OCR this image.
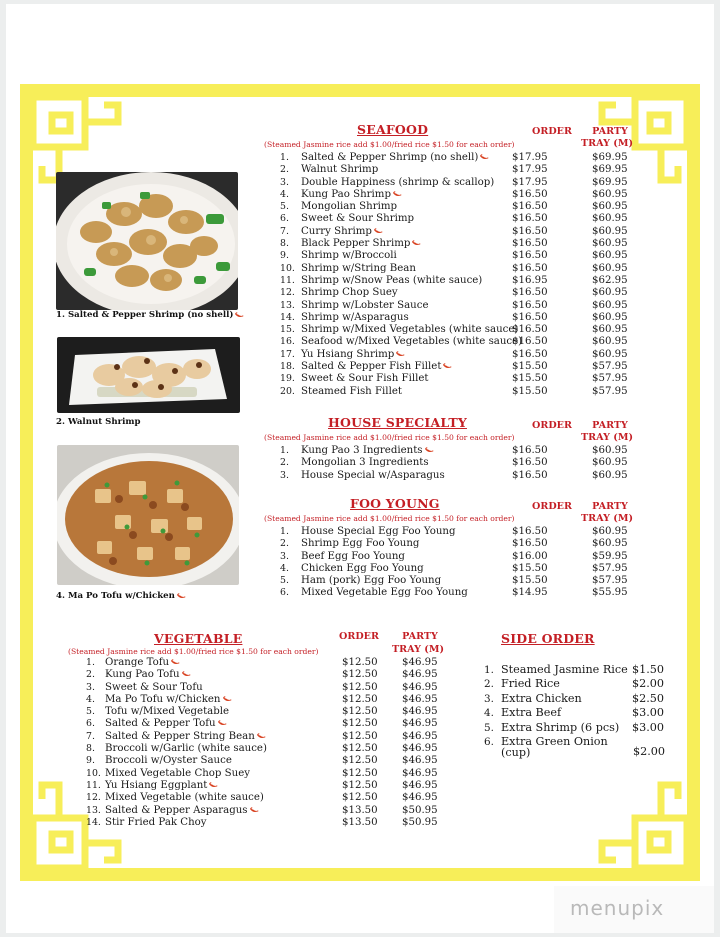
SEAFOOD
(Steamed Jasmine rice add $1.00/fried rice $1.50 for each order)
ORDER	PARTY
TRAY (M)
1. Salted & Pepper Shrimp (no shell)	$17.95	$69.95
2. Walnut Shrimp	$17.95	$69.95
3. Double Happiness (shrimp & scallop) $17.95	$69.95
4. Kung Pao Shrimp	$16.50	$60.95
5. Mongolian Shrimp	$16.50	$60.95
6. Sweet & Sour Shrimp	$16.50	$60.95
7. Curry Shrimp	$16.50	$60.95
8. Black Pepper Shrimp	$16.50	$60.95
9. Shrimp w/Broccoli	$16.50	$60.95
10. Shrimp w/String Bean	$16.50	$60.95
11. Shrimp w/Snow Peas (white sauce)	$16.95	$62.95
12. Shrimp Chop Suey	$16.50	$60.95
13. Shrimp w/Lobster Sauce	$16.50	$60.95
14. Shrimp w/Asparagus	$16.50	$60.95
15. Shrimp w/Mixed Vegetables (white sauce)
$16.50	$60.95
16. Seafood w/Mixed Vegetables (white sauce)
$16.50	$60.95
17. Yu Hsiang Shrimp	$16.50	$60.95
18. Salted & Pepper Fish Fillet	$15.50	$57.95
19. Sweet & Sour Fish Fillet	$15.50	$57.95
20. Steamed Fish Fillet	$15.50	$57.95
HOUSE SPECIALTY
(Steamed Jasmine rice add $1.00/fried rice $1.50 for each order)
ORDER	PARTY
TRAY (M)
1. Kung Pao 3 Ingredients	$16.50	$60.95
2. Mongolian 3 Ingredients	$16.50	$60.95
3. House Special w/Asparagus	$16.50	$60.95
FOO YOUNG
(Steamed Jasmine rice add $1.00/fried rice $1.50 for each order)
ORDER	PARTY
TRAY (M)
1. House Special Egg Foo Young	$16.50	$60.95
2. Shrimp Egg Foo Young	$16.50	$60.95
3. Beef Egg Foo Young	$16.00	$59.95
4. Chicken Egg Foo Young	$15.50	$57.95
5. Ham (pork) Egg Foo Young	$15.50	$57.95
6. Mixed Vegetable Egg Foo Young	$14.95	$55.95
1. Salted & Pepper Shrimp (no shell)
2. Walnut Shrimp
4. Ma Po Tofu w/Chicken
VEGETABLE
(Steamed Jasmine rice add $1.00/fried rice $1.50 for each order)
ORDER	PARTY
TRAY (M)
1. Orange Tofu	$12.50 $46.95
2. Kung Pao Tofu	$12.50 $46.95
3. Sweet & Sour Tofu	$12.50 $46.95
4. Ma Po Tofu w/Chicken	$12.50 $46.95
5. Tofu w/Mixed Vegetable	$12.50 $46.95
6. Salted & Pepper Tofu	$12.50 $46.95
7. Salted & Pepper String Bean	$12.50 $46.95
8. Broccoli w/Garlic (white sauce)	$12.50 $46.95
9. Broccoli w/Oyster Sauce	$12.50 $46.95
10. Mixed Vegetable Chop Suey	$12.50 $46.95
11. Yu Hsiang Eggplant	$12.50 $46.95
12. Mixed Vegetable (white sauce)	$12.50 $46.95
13. Salted & Pepper Asparagus	$13.50 $50.95
14. Stir Fried Pak Choy	$13.50 $50.95
SIDE ORDER
1. Steamed Jasmine Rice $1.50
2. Fried Rice	$2.00
3. Extra Chicken	$2.50
4. Extra Beef	$3.00
5. Extra Shrimp (6 pcs) $3.00
6. Extra Green Onion
(cup)	$2.00
menupix
